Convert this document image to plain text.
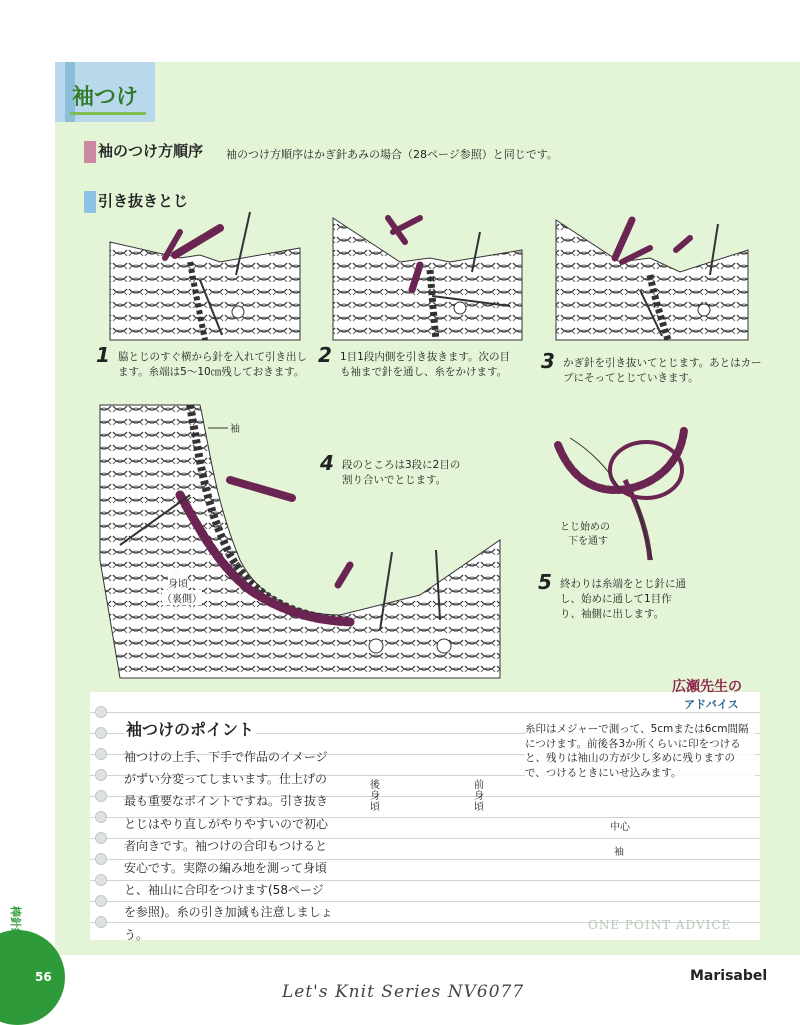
袖つけ
袖のつけ方順序 袖のつけ方順序はかぎ針あみの場合（28ページ参照）と同じです。
引き抜きとじ
1 脇とじのすぐ横から針を入れて引き出します。糸端は5〜10㎝残しておきます。
2 1目1段内側を引き抜きます。次の目も袖まで針を通し、糸をかけます。	3 かぎ針を引き抜いてとじます。あとはカーブにそってとじていきます。
4 段のところは3段に2目の割り合いでとじます。
5 終わりは糸端をとじ針に通し、始めに通して1目作り、袖側に出します。
袖
身頃
（裏側）
とじ始めの
下を通す
広瀬先生の
アドバイス
袖つけのポイント
袖つけの上手、下手で作品のイメージがずい分変ってしまいます。仕上げの最も重要なポイントですね。引き抜きとじはやり直しがやりやすいので初心者向きです。袖つけの合印もつけると安心です。実際の編み地を測って身頃と、袖山に合印をつけます(58ページを参照)。糸の引き加減も注意しましょう。
糸印はメジャーで測って、5cmまたは6cm間隔につけます。前後各3か所くらいに印をつけると、残りは袖山の方が少し多めに残りますので、つけるときにいせ込みます。
後身頃
前身頃
中心
袖
ONE POINT ADVICE
56
棒針編み
Let's Knit Series NV6077
Marisabel
